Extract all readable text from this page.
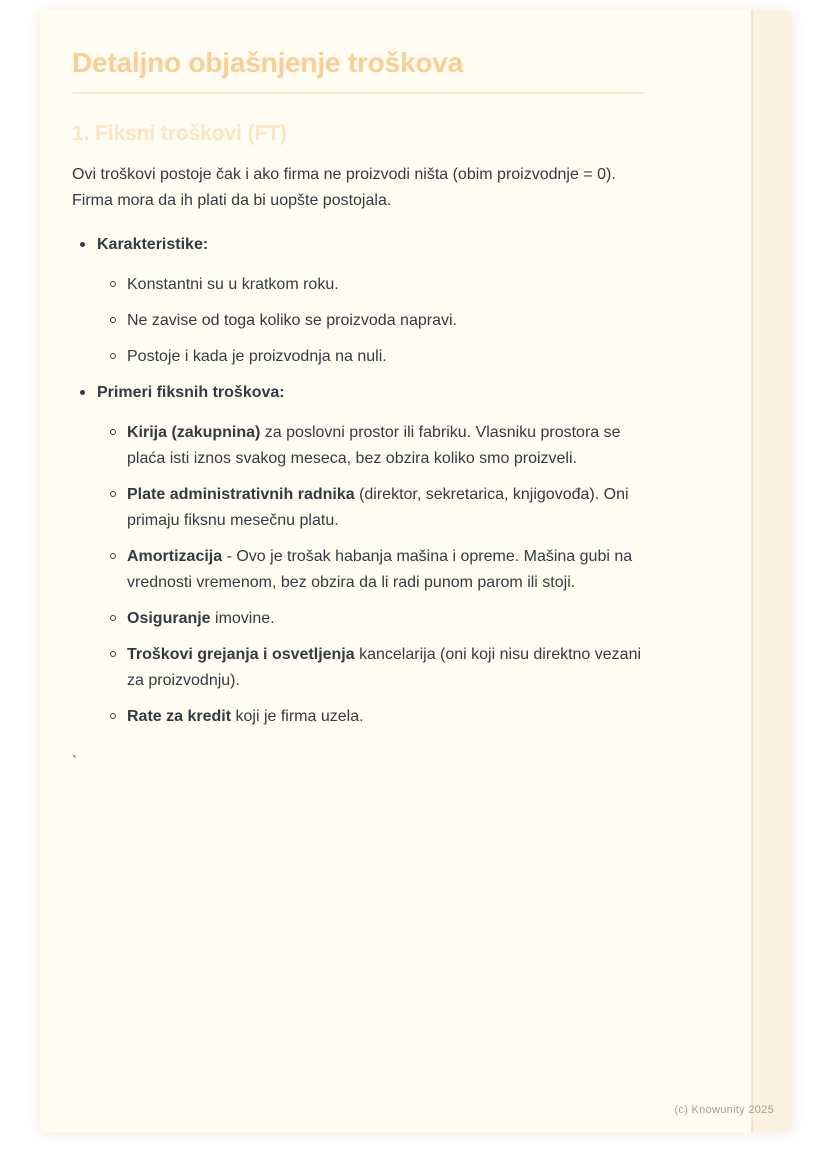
Detaljno objašnjenje troškova
1. Fiksni troškovi (FT)

Ovi troškovi postoje čak i ako firma ne proizvodi ništa (obim proizvodnje = 0).
Firma mora da ih plati da bi uopšte postojala.

Karakteristike:
Konstantni su u kratkom roku.
Ne zavise od toga koliko se proizvoda napravi.
Postoje i kada je proizvodnja na nuli.
Primeri fiksnih troškova:
Kirija (zakupnina) za poslovni prostor ili fabriku. Vlasniku prostora se plaća isti iznos svakog meseca, bez obzira koliko smo proizveli.
Plate administrativnih radnika (direktor, sekretarica, knjigovođa). Oni primaju fiksnu mesečnu platu.
Amortizacija - Ovo je trošak habanja mašina i opreme. Mašina gubi na vrednosti vremenom, bez obzira da li radi punom parom ili stoji.
Osiguranje imovine.
Troškovi grejanja i osvetljenja kancelarija (oni koji nisu direktno vezani za proizvodnju).
Rate za kredit koji je firma uzela.

`

(c) Knowunity 2025
